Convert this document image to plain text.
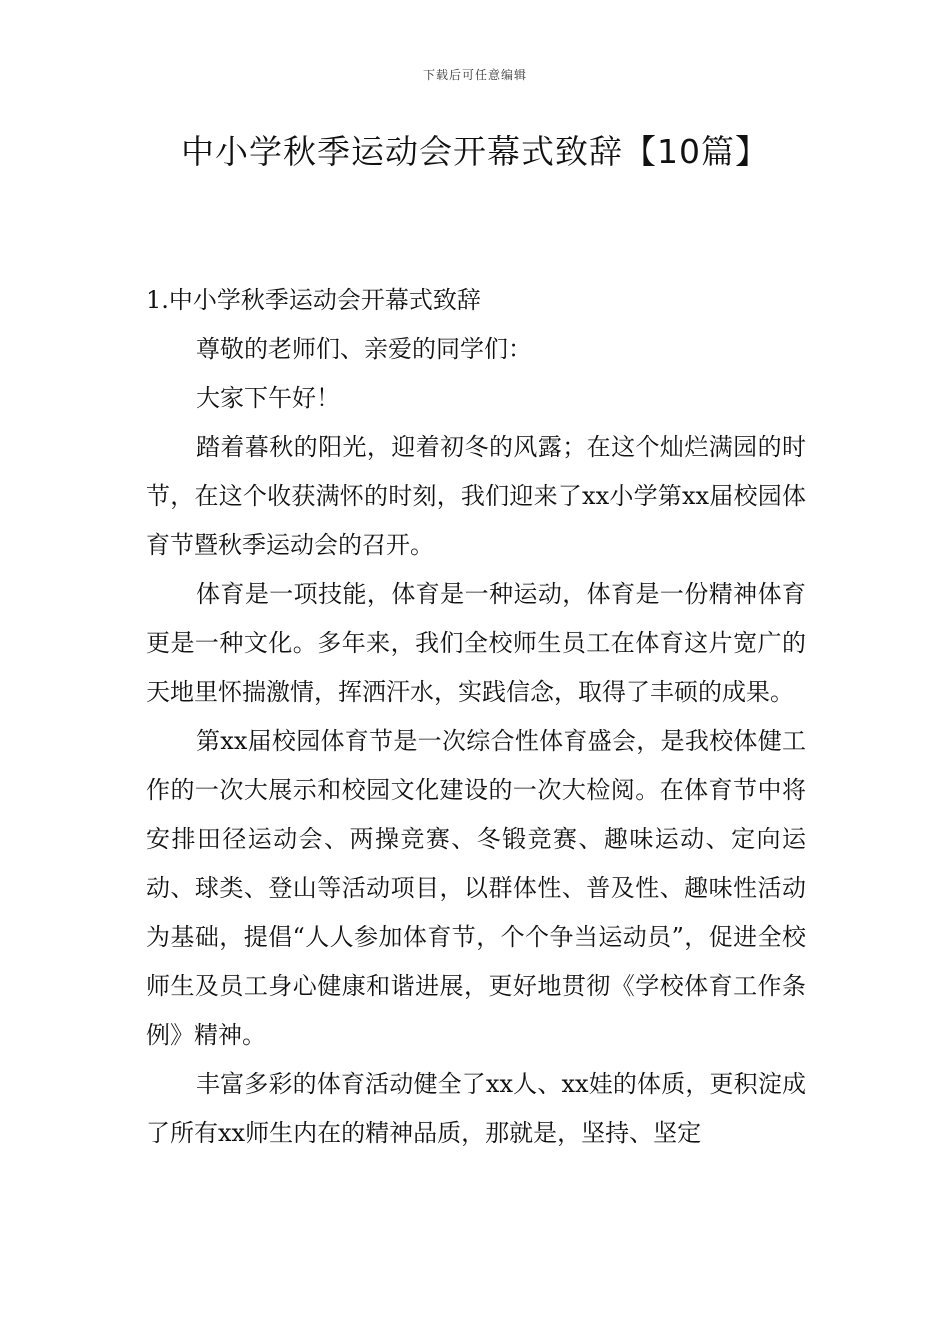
下载后可任意编辑
中小学秋季运动会开幕式致辞【10篇】

1.中小学秋季运动会开幕式致辞

尊敬的老师们、亲爱的同学们：

大家下午好！

踏着暮秋的阳光，迎着初冬的风露；在这个灿烂满园的时节，在这个收获满怀的时刻，我们迎来了xx小学第xx届校园体育节暨秋季运动会的召开。

体育是一项技能，体育是一种运动，体育是一份精神体育更是一种文化。多年来，我们全校师生员工在体育这片宽广的天地里怀揣激情，挥洒汗水，实践信念，取得了丰硕的成果。

第xx届校园体育节是一次综合性体育盛会，是我校体健工作的一次大展示和校园文化建设的一次大检阅。在体育节中将安排田径运动会、两操竞赛、冬锻竞赛、趣味运动、定向运动、球类、登山等活动项目，以群体性、普及性、趣味性活动为基础，提倡“人人参加体育节，个个争当运动员”，促进全校师生及员工身心健康和谐进展，更好地贯彻《学校体育工作条例》精神。

丰富多彩的体育活动健全了xx人、xx娃的体质，更积淀成了所有xx师生内在的精神品质，那就是，坚持、坚定
